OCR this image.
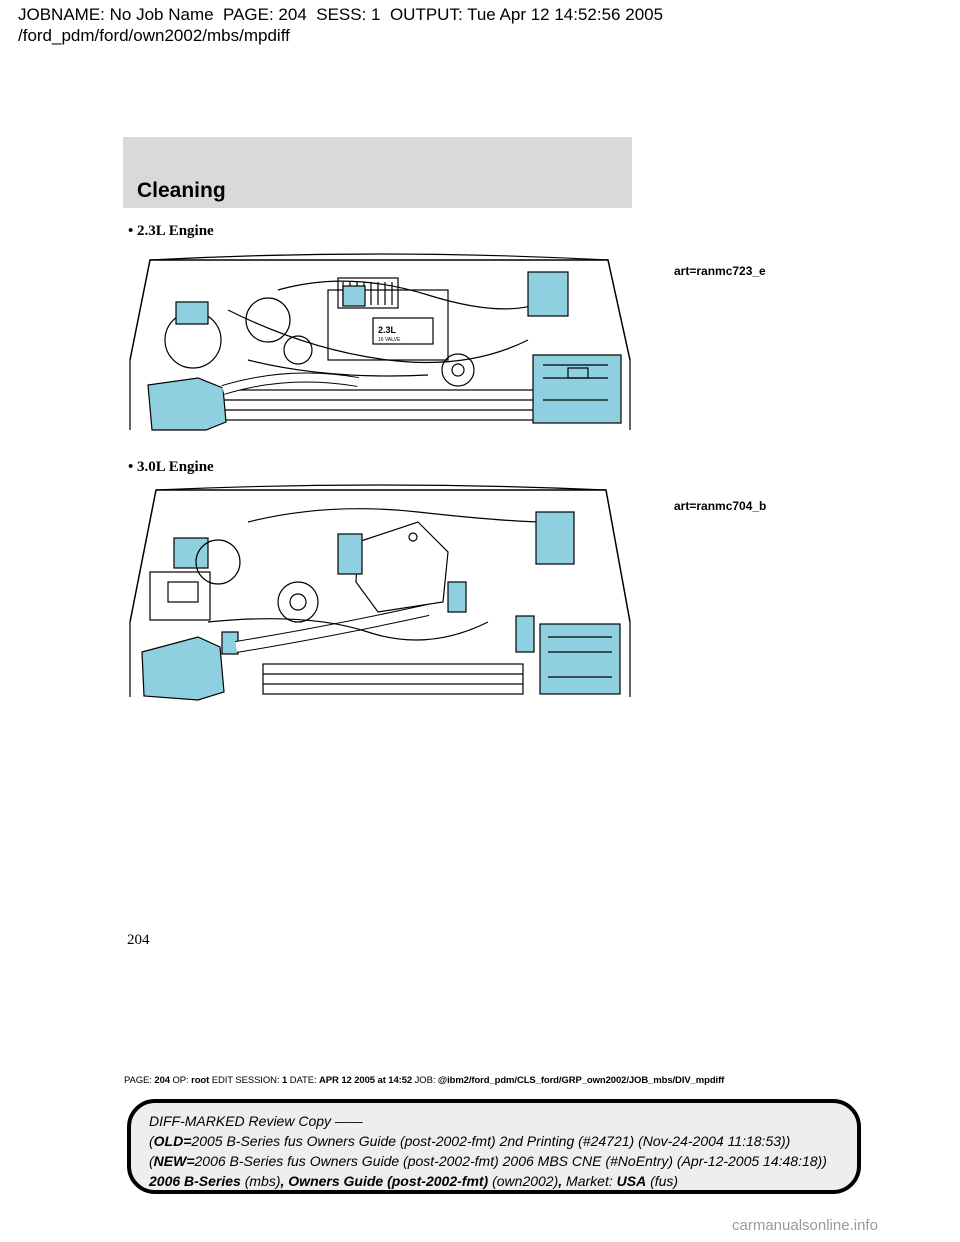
JOBNAME: No Job Name  PAGE: 204  SESS: 1  OUTPUT: Tue Apr 12 14:52:56 2005
/ford_pdm/ford/own2002/mbs/mpdiff
Cleaning
• 2.3L Engine
art=ranmc723_e
2.3L
16 VALVE
• 3.0L Engine
art=ranmc704_b
204
PAGE: 204 OP: root EDIT SESSION: 1 DATE: APR 12 2005 at 14:52 JOB: @ibm2/ford_pdm/CLS_ford/GRP_own2002/JOB_mbs/DIV_mpdiff
DIFF-MARKED Review Copy ——
(OLD=2005 B-Series fus Owners Guide (post-2002-fmt) 2nd Printing (#24721) (Nov-24-2004 11:18:53))
(NEW=2006 B-Series fus Owners Guide (post-2002-fmt) 2006 MBS CNE (#NoEntry) (Apr-12-2005 14:48:18))
2006 B-Series (mbs), Owners Guide (post-2002-fmt) (own2002), Market: USA (fus)
carmanualsonline.info
